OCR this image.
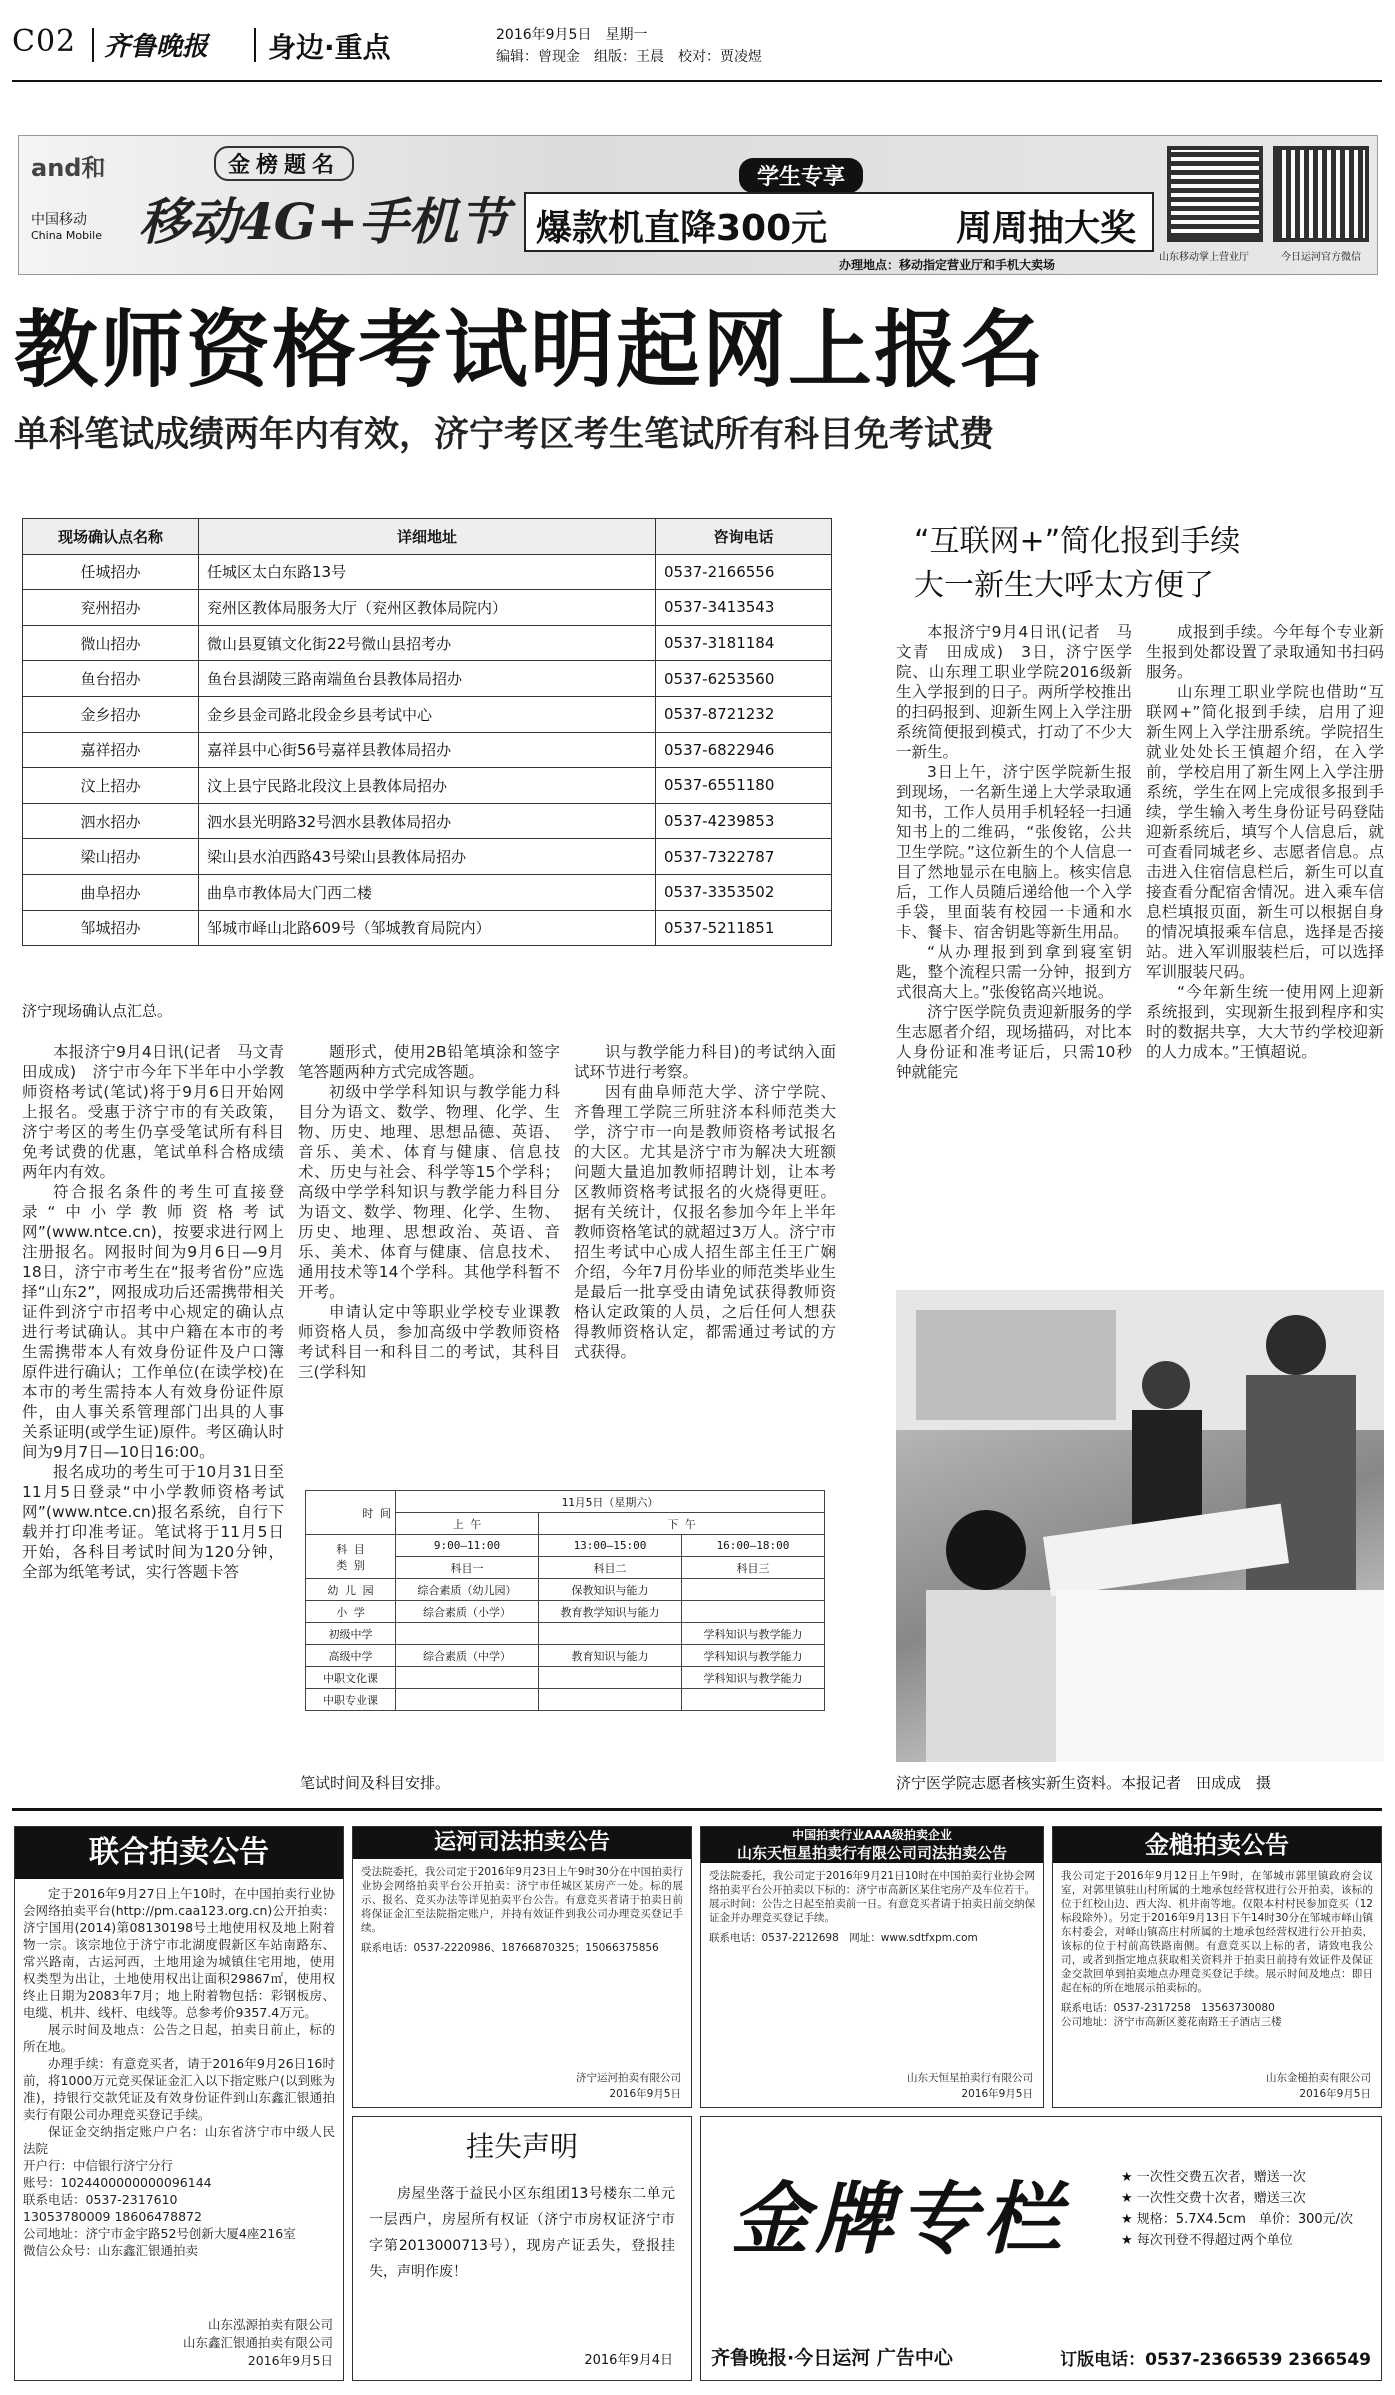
C02 齐鲁晚报 身边·重点	2016年9月5日　星期一
编辑：曾现金　组版：王晨　校对：贾凌煜
and和
中国移动
China Mobile
金榜题名
移动4G+手机节
学生专享
爆款机直降300元	周周抽大奖
办理地点：移动指定营业厅和手机大卖场
山东移动掌上营业厅	今日运河官方微信
教师资格考试明起网上报名
单科笔试成绩两年内有效，济宁考区考生笔试所有科目免考试费
现场确认点名称	详细地址	咨询电话
任城招办	任城区太白东路13号	0537-2166556
兖州招办	兖州区教体局服务大厅（兖州区教体局院内）	0537-3413543
微山招办	微山县夏镇文化街22号微山县招考办	0537-3181184
鱼台招办	鱼台县湖陵三路南端鱼台县教体局招办	0537-6253560
金乡招办	金乡县金司路北段金乡县考试中心	0537-8721232
嘉祥招办	嘉祥县中心街56号嘉祥县教体局招办	0537-6822946
汶上招办	汶上县宁民路北段汶上县教体局招办	0537-6551180
泗水招办	泗水县光明路32号泗水县教体局招办	0537-4239853
梁山招办	梁山县水泊西路43号梁山县教体局招办	0537-7322787
曲阜招办	曲阜市教体局大门西二楼	0537-3353502
邹城招办	邹城市峄山北路609号（邹城教育局院内）	0537-5211851
济宁现场确认点汇总。

本报济宁9月4日讯(记者　马文青　田成成)　济宁市今年下半年中小学教师资格考试(笔试)将于9月6日开始网上报名。受惠于济宁市的有关政策，济宁考区的考生仍享受笔试所有科目免考试费的优惠，笔试单科合格成绩两年内有效。

符合报名条件的考生可直接登录“中小学教师资格考试网”(www.ntce.cn)，按要求进行网上注册报名。网报时间为9月6日—9月18日，济宁市考生在“报考省份”应选择“山东2”，网报成功后还需携带相关证件到济宁市招考中心规定的确认点进行考试确认。其中户籍在本市的考生需携带本人有效身份证件及户口簿原件进行确认；工作单位(在读学校)在本市的考生需持本人有效身份证件原件，由人事关系管理部门出具的人事关系证明(或学生证)原件。考区确认时间为9月7日—10日16:00。

报名成功的考生可于10月31日至11月5日登录“中小学教师资格考试网”(www.ntce.cn)报名系统，自行下载并打印准考证。笔试将于11月5日开始，各科目考试时间为120分钟，全部为纸笔考试，实行答题卡答

题形式，使用2B铅笔填涂和签字笔答题两种方式完成答题。

初级中学学科知识与教学能力科目分为语文、数学、物理、化学、生物、历史、地理、思想品德、英语、音乐、美术、体育与健康、信息技术、历史与社会、科学等15个学科；高级中学学科知识与教学能力科目分为语文、数学、物理、化学、生物、历史、地理、思想政治、英语、音乐、美术、体育与健康、信息技术、通用技术等14个学科。其他学科暂不开考。

申请认定中等职业学校专业课教师资格人员，参加高级中学教师资格考试科目一和科目二的考试，其科目三(学科知

识与教学能力科目)的考试纳入面试环节进行考察。

因有曲阜师范大学、济宁学院、齐鲁理工学院三所驻济本科师范类大学，济宁市一向是教师资格考试报名的大区。尤其是济宁市为解决大班额问题大量追加教师招聘计划，让本考区教师资格考试报名的火烧得更旺。据有关统计，仅报名参加今年上半年教师资格笔试的就超过3万人。济宁市招生考试中心成人招生部主任王广娴介绍，今年7月份毕业的师范类毕业生是最后一批享受由请免试获得教师资格认定政策的人员，之后任何人想获得教师资格认定，都需通过考试的方式获得。

时 间	11月5日（星期六）		
	上 午	下 午	

科 目
类 别	9:00—11:00	13:00—15:00	16:00—18:00
	科目一	科目二	科目三
幼 儿 园	综合素质（幼儿园）	保教知识与能力	
小 学	综合素质（小学）	教育教学知识与能力	
初级中学			学科知识与教学能力
高级中学	综合素质（中学）	教育知识与能力	学科知识与教学能力
中职文化课			学科知识与教学能力
中职专业课			
笔试时间及科目安排。
“互联网+”简化报到手续
大一新生大呼太方便了

本报济宁9月4日讯(记者　马文青　田成成)　3日，济宁医学院、山东理工职业学院2016级新生入学报到的日子。两所学校推出的扫码报到、迎新生网上入学注册系统简便报到模式，打动了不少大一新生。

3日上午，济宁医学院新生报到现场，一名新生递上大学录取通知书，工作人员用手机轻轻一扫通知书上的二维码，“张俊铭，公共卫生学院。”这位新生的个人信息一目了然地显示在电脑上。核实信息后，工作人员随后递给他一个入学手袋，里面装有校园一卡通和水卡、餐卡、宿舍钥匙等新生用品。

“从办理报到到拿到寝室钥匙，整个流程只需一分钟，报到方式很高大上。”张俊铭高兴地说。

济宁医学院负责迎新服务的学生志愿者介绍，现场描码，对比本人身份证和准考证后，只需10秒钟就能完

成报到手续。今年每个专业新生报到处都设置了录取通知书扫码服务。

山东理工职业学院也借助“互联网+”简化报到手续，启用了迎新生网上入学注册系统。学院招生就业处处长王慎超介绍，在入学前，学校启用了新生网上入学注册系统，学生在网上完成很多报到手续，学生输入考生身份证号码登陆迎新系统后，填写个人信息后，就可查看同城老乡、志愿者信息。点击进入住宿信息栏后，新生可以直接查看分配宿舍情况。进入乘车信息栏填报页面，新生可以根据自身的情况填报乘车信息，选择是否接站。进入军训服装栏后，可以选择军训服装尺码。

“今年新生统一使用网上迎新系统报到，实现新生报到程序和实时的数据共享，大大节约学校迎新的人力成本。”王慎超说。

济宁医学院志愿者核实新生资料。本报记者　田成成　摄
联合拍卖公告
定于2016年9月27日上午10时，在中国拍卖行业协会网络拍卖平台(http://pm.caa123.org.cn)公开拍卖：济宁国用(2014)第08130198号土地使用权及地上附着物一宗。该宗地位于济宁市北湖度假新区车站南路东、常兴路南，古运河西，土地用途为城镇住宅用地，使用权类型为出让，土地使用权出让面积29867㎡，使用权终止日期为2083年7月；地上附着物包括：彩钢板房、电缆、机井、线杆、电线等。总参考价9357.4万元。
展示时间及地点：公告之日起，拍卖日前止，标的所在地。
办理手续：有意竞买者，请于2016年9月26日16时前，将1000万元竞买保证金汇入以下指定账户(以到账为准)，持银行交款凭证及有效身份证件到山东鑫汇银通拍卖行有限公司办理竞买登记手续。
保证金交纳指定账户户名：山东省济宁市中级人民法院
开户行：中信银行济宁分行
账号：1024400000000096144
联系电话：0537-2317610
13053780009 18606478872
公司地址：济宁市金宇路52号创新大厦4座216室
微信公众号：山东鑫汇银通拍卖
山东泓源拍卖有限公司
山东鑫汇银通拍卖有限公司
2016年9月5日
运河司法拍卖公告
受法院委托，我公司定于2016年9月23日上午9时30分在中国拍卖行业协会网络拍卖平台公开拍卖：济宁市任城区某房产一处。标的展示、报名、竞买办法等详见拍卖平台公告。有意竞买者请于拍卖日前将保证金汇至法院指定账户，并持有效证件到我公司办理竞买登记手续。
联系电话：0537-2220986、18766870325；15066375856
济宁运河拍卖有限公司
2016年9月5日
中国拍卖行业AAA级拍卖企业
山东天恒星拍卖行有限公司司法拍卖公告
受法院委托，我公司定于2016年9月21日10时在中国拍卖行业协会网络拍卖平台公开拍卖以下标的：济宁市高新区某住宅房产及车位若干。展示时间：公告之日起至拍卖前一日。有意竞买者请于拍卖日前交纳保证金并办理竞买登记手续。
联系电话：0537-2212698　网址：www.sdtfxpm.com
山东天恒星拍卖行有限公司
2016年9月5日
金槌拍卖公告
我公司定于2016年9月12日上午9时，在邹城市郭里镇政府会议室，对郭里镇驻山村所属的土地承包经营权进行公开拍卖，该标的位于红校山边、西大沟、机井南等地。仅限本村村民参加竞买（12标段除外）。另定于2016年9月13日下午14时30分在邹城市峄山镇东村委会，对峄山镇高庄村所属的土地承包经营权进行公开拍卖，该标的位于村前高铁路南侧。有意竞买以上标的者，请致电我公司，或者到指定地点获取相关资料并于拍卖日前持有效证件及保证金交款回单到拍卖地点办理竞买登记手续。展示时间及地点：即日起在标的所在地展示拍卖标的。
联系电话：0537-2317258　13563730080
公司地址：济宁市高新区菱花南路王子酒店三楼
山东金槌拍卖有限公司
2016年9月5日
挂失声明
房屋坐落于益民小区东组团13号楼东二单元一层西户，房屋所有权证（济宁市房权证济宁市字第2013000713号），现房产证丢失，登报挂失，声明作废！
2016年9月4日
金牌专栏	★ 一次性交费五次者，赠送一次
★ 一次性交费十次者，赠送三次
★ 规格：5.7X4.5cm　单价：300元/次
★ 每次刊登不得超过两个单位
齐鲁晚报·今日运河 广告中心	订版电话：0537-2366539 2366549
